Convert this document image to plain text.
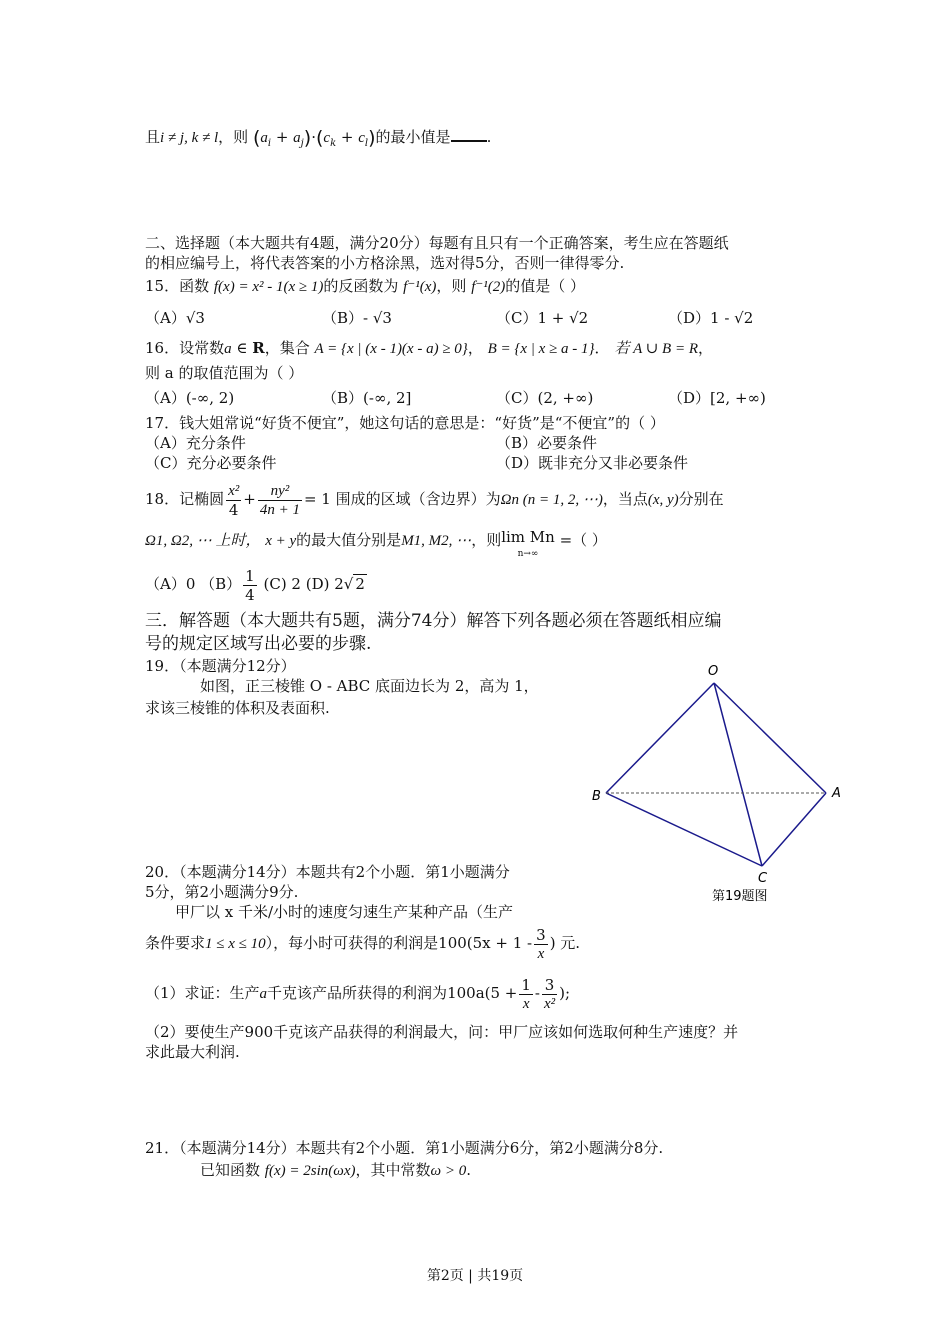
且i ≠ j, k ≠ l，则 $(a_i + a_j)\cdot(c_k + c_l)$的最小值是 .
二、选择题（本大题共有4题，满分20分）每题有且只有一个正确答案，考生应在答题纸
的相应编号上，将代表答案的小方格涂黑，选对得5分，否则一律得零分.
15．函数 f(x) = x² - 1(x ≥ 1)的反函数为 f⁻¹(x)，则 f⁻¹(2)的值是（ ）
（A）√3	（B）- √3	（C）1 + √2	（D）1 - √2
16．设常数a ∈ R，集合 A = {x | (x - 1)(x - a) ≥ 0}， B = {x | x ≥ a - 1}． 若 A ∪ B = R，
则 a 的取值范围为（ ）
（A）(-∞, 2)	（B）(-∞, 2]	（C）(2, +∞)	（D）[2, +∞)
17．钱大姐常说“好货不便宜”，她这句话的意思是：“好货”是“不便宜”的（ ）
（A）充分条件	（B）必要条件
（C）充分必要条件	（D）既非充分又非必要条件
18．记椭圆 $\frac{\text{x²}}{4} + \frac{\text{ny²}}{4n + 1} = 1$ 围成的区域（含边界）为Ωn (n = 1, 2, ⋯)，当点(x, y)分别在
Ω1, Ω2, ⋯ 上时， x + y的最大值分别是M1, M2, ⋯，则lim Mn
n→∞ =（ ）
（A）0 $(B) \frac{1}{4} (C)$ 2 (D) 2√ 2
三．解答题（本大题共有5题，满分74分）解答下列各题必须在答题纸相应编
号的规定区域写出必要的步骤.
19．（本题满分12分）
如图，正三棱锥 O - ABC 底面边长为 2，高为 1，
求该三棱锥的体积及表面积.
O
B	A
C
第19题图
20．（本题满分14分）本题共有2个小题．第1小题满分
5分，第2小题满分9分.
甲厂以 x 千米/小时的速度匀速生产某种产品（生产
条件要求1 ≤ x ≤ 10），每小时可获得的利润是$100(5x + 1 - \frac{3}{x}$ ) 元.
（1）求证：生产a千克该产品所获得的利润为$100a(5 + \frac{1}{x} - \frac{3}{\text{x²}}$ );
（2）要使生产900千克该产品获得的利润最大，问：甲厂应该如何选取何种生产速度？并
求此最大利润.
21．（本题满分14分）本题共有2个小题．第1小题满分6分，第2小题满分8分.
已知函数 f(x) = 2sin(ωx)，其中常数ω > 0.
第2页 | 共19页
